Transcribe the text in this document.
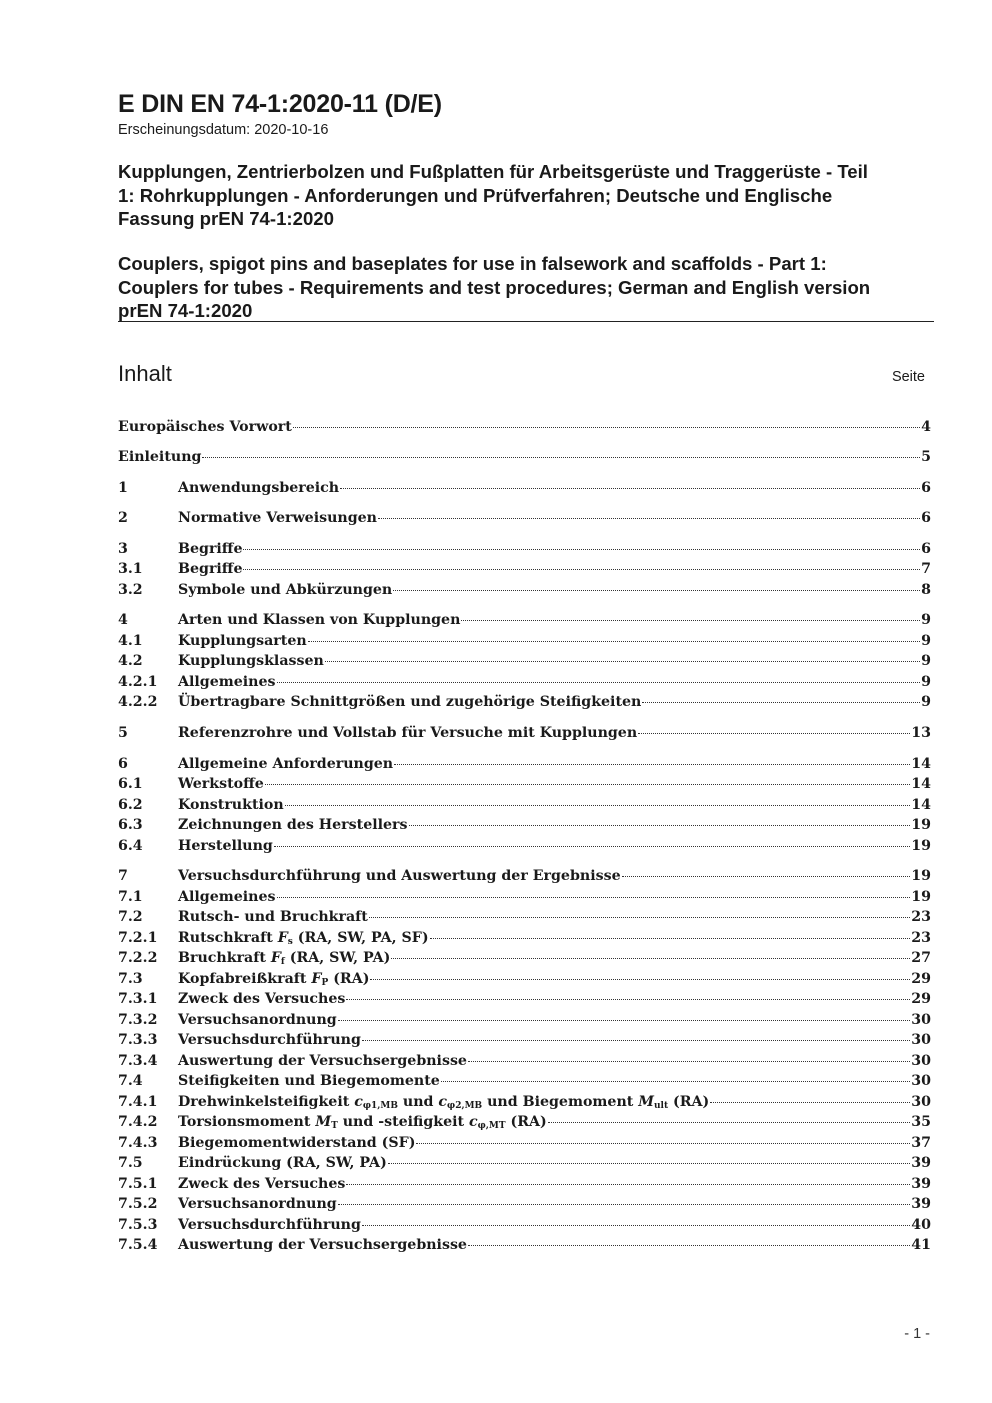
E DIN EN 74-1:2020-11 (D/E)
Erscheinungsdatum: 2020-10-16
Kupplungen, Zentrierbolzen und Fußplatten für Arbeitsgerüste und Traggerüste - Teil
1: Rohrkupplungen - Anforderungen und Prüfverfahren; Deutsche und Englische
Fassung prEN 74-1:2020
Couplers, spigot pins and baseplates for use in falsework and scaffolds - Part 1:
Couplers for tubes - Requirements and test procedures; German and English version
prEN 74-1:2020
Inhalt	Seite
Europäisches Vorwort	4
Einleitung	5
1	Anwendungsbereich	6
2	Normative Verweisungen	6
3	Begriffe	6
3.1	Begriffe	7
3.2	Symbole und Abkürzungen	8
4	Arten und Klassen von Kupplungen	9
4.1	Kupplungsarten	9
4.2	Kupplungsklassen	9
4.2.1	Allgemeines	9
4.2.2	Übertragbare Schnittgrößen und zugehörige Steifigkeiten	9
5	Referenzrohre und Vollstab für Versuche mit Kupplungen	13
6	Allgemeine Anforderungen	14
6.1	Werkstoffe	14
6.2	Konstruktion	14
6.3	Zeichnungen des Herstellers	19
6.4	Herstellung	19
7	Versuchsdurchführung und Auswertung der Ergebnisse	19
7.1	Allgemeines	19
7.2	Rutsch- und Bruchkraft	23
7.2.1	Rutschkraft $F_s$ (RA, SW, PA, SF)	23
7.2.2	Bruchkraft $F_f$ (RA, SW, PA)	27
7.3	Kopfabreißkraft $F_P$ (RA)	29
7.3.1	Zweck des Versuches	29
7.3.2	Versuchsanordnung	30
7.3.3	Versuchsdurchführung	30
7.3.4	Auswertung der Versuchsergebnisse	30
7.4	Steifigkeiten und Biegemomente	30
7.4.1	Drehwinkelsteifigkeit $c_{\varphi 1,MB}$ und $c_{\varphi 2,MB}$ und Biegemoment $M_{ult}$ (RA)	30
7.4.2	Torsionsmoment $M_T$ und -steifigkeit $c_{\varphi,MT}$ (RA)	35
7.4.3	Biegemomentwiderstand (SF)	37
7.5	Eindrückung (RA, SW, PA)	39
7.5.1	Zweck des Versuches	39
7.5.2	Versuchsanordnung	39
7.5.3	Versuchsdurchführung	40
7.5.4	Auswertung der Versuchsergebnisse	41
- 1 -
